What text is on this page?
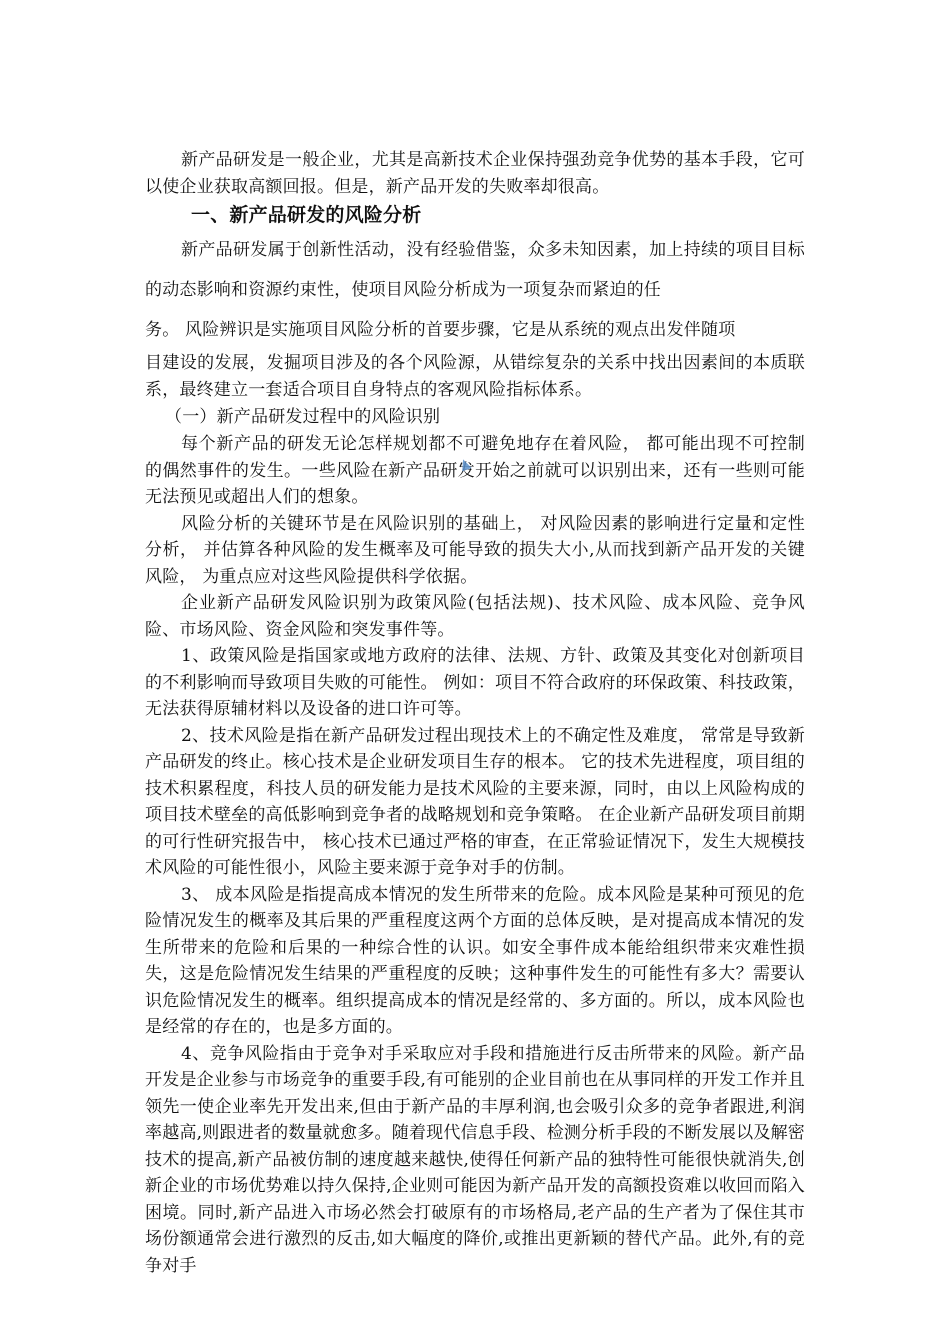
新产品研发是一般企业，尤其是高新技术企业保持强劲竞争优势的基本手段，它可以使企业获取高额回报。但是，新产品开发的失败率却很高。

一、新产品研发的风险分析

新产品研发属于创新性活动，没有经验借鉴，众多未知因素，加上持续的项目目标的动态影响和资源约束性，使项目风险分析成为一项复杂而紧迫的任

务。 风险辨识是实施项目风险分析的首要步骤，它是从系统的观点出发伴随项

目建设的发展，发掘项目涉及的各个风险源，从错综复杂的关系中找出因素间的本质联系，最终建立一套适合项目自身特点的客观风险指标体系。

（一）新产品研发过程中的风险识别

每个新产品的研发无论怎样规划都不可避免地存在着风险， 都可能出现不可控制的偶然事件的发生。一些风险在新产品研发开始之前就可以识别出来，还有一些则可能无法预见或超出人们的想象。

风险分析的关键环节是在风险识别的基础上， 对风险因素的影响进行定量和定性分析， 并估算各种风险的发生概率及可能导致的损失大小,从而找到新产品开发的关键风险， 为重点应对这些风险提供科学依据。

企业新产品研发风险识别为政策风险(包括法规)、技术风险、成本风险、竞争风险、市场风险、资金风险和突发事件等。

1、政策风险是指国家或地方政府的法律、法规、方针、政策及其变化对创新项目的不利影响而导致项目失败的可能性。 例如：项目不符合政府的环保政策、科技政策，无法获得原辅材料以及设备的进口许可等。

2、技术风险是指在新产品研发过程出现技术上的不确定性及难度， 常常是导致新产品研发的终止。核心技术是企业研发项目生存的根本。 它的技术先进程度，项目组的技术积累程度，科技人员的研发能力是技术风险的主要来源，同时，由以上风险构成的项目技术壁垒的高低影响到竞争者的战略规划和竞争策略。 在企业新产品研发项目前期的可行性研究报告中， 核心技术已通过严格的审查，在正常验证情况下，发生大规模技术风险的可能性很小，风险主要来源于竞争对手的仿制。

3、 成本风险是指提高成本情况的发生所带来的危险。成本风险是某种可预见的危险情况发生的概率及其后果的严重程度这两个方面的总体反映，是对提高成本情况的发生所带来的危险和后果的一种综合性的认识。如安全事件成本能给组织带来灾难性损失，这是危险情况发生结果的严重程度的反映；这种事件发生的可能性有多大？需要认识危险情况发生的概率。组织提高成本的情况是经常的、多方面的。所以，成本风险也是经常的存在的，也是多方面的。

4、竞争风险指由于竞争对手采取应对手段和措施进行反击所带来的风险。新产品开发是企业参与市场竞争的重要手段,有可能别的企业目前也在从事同样的开发工作并且领先一使企业率先开发出来,但由于新产品的丰厚利润,也会吸引众多的竞争者跟进,利润率越高,则跟进者的数量就愈多。随着现代信息手段、检测分析手段的不断发展以及解密技术的提高,新产品被仿制的速度越来越快,使得任何新产品的独特性可能很快就消失,创新企业的市场优势难以持久保持,企业则可能因为新产品开发的高额投资难以收回而陷入困境。同时,新产品进入市场必然会打破原有的市场格局,老产品的生产者为了保住其市场份额通常会进行激烈的反击,如大幅度的降价,或推出更新颖的替代产品。此外,有的竞争对手
